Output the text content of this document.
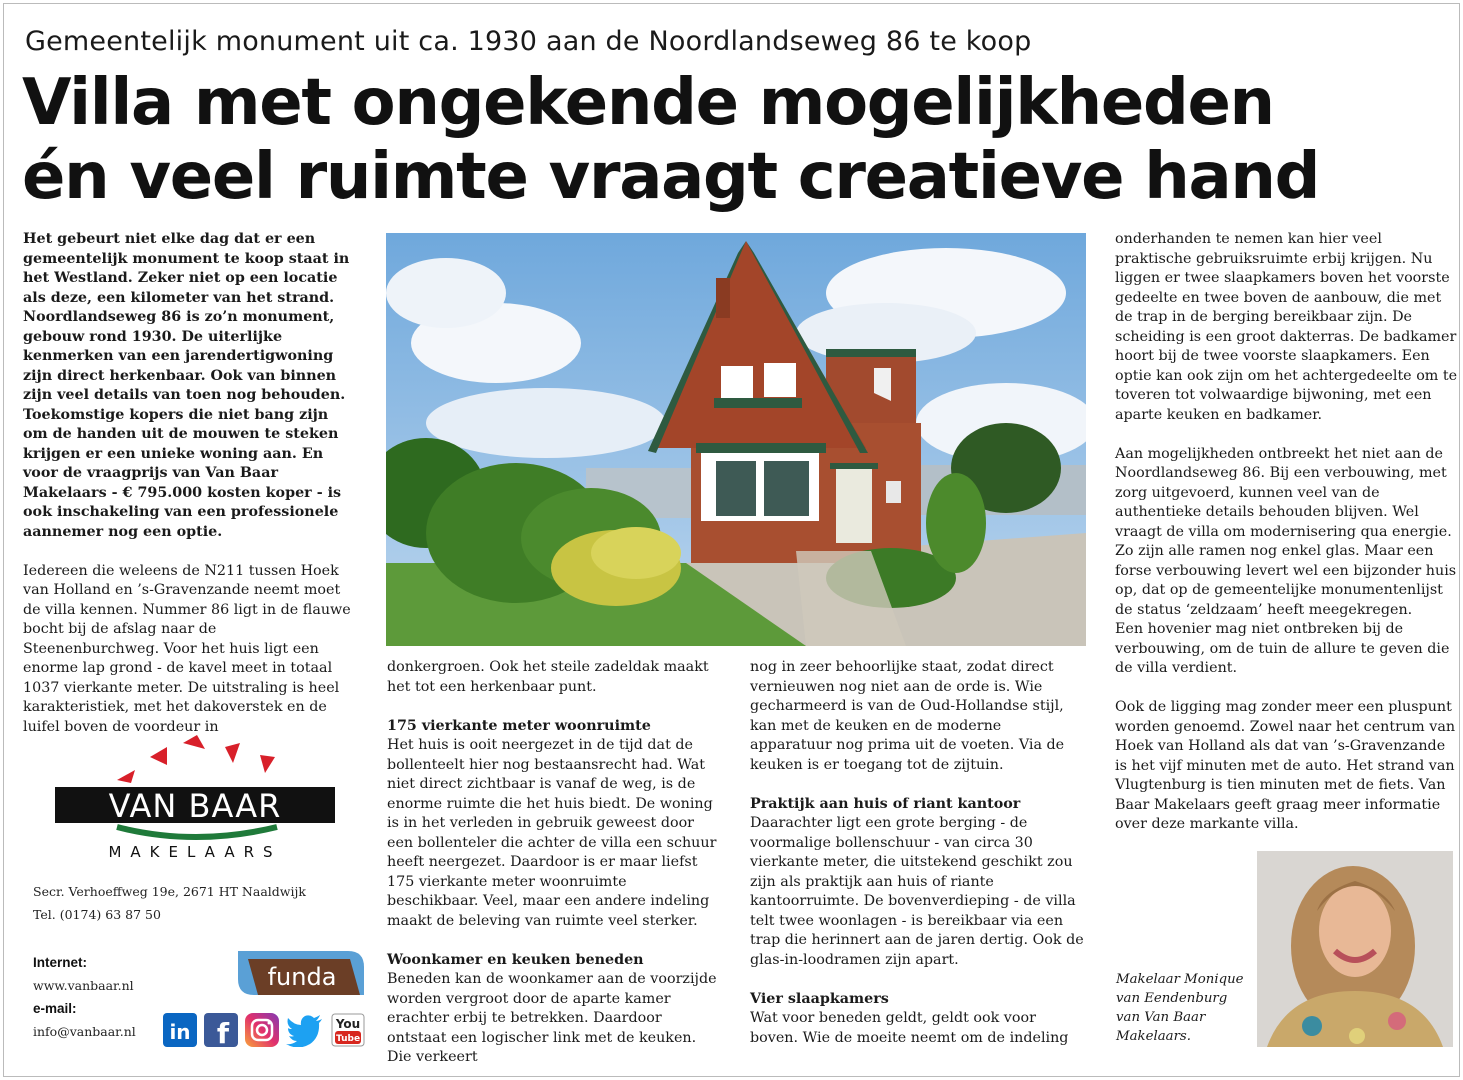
Gemeentelijk monument uit ca. 1930 aan de Noordlandseweg 86 te koop
Villa met ongekende mogelijkheden
én veel ruimte vraagt creatieve hand

Het gebeurt niet elke dag dat er een gemeentelijk monument te koop staat in het Westland. Zeker niet op een locatie als deze, een kilometer van het strand. Noordlandseweg 86 is zo’n monument, gebouw rond 1930. De uiterlijke kenmerken van een jarendertigwoning zijn direct herkenbaar. Ook van binnen zijn veel details van toen nog behouden. Toekomstige kopers die niet bang zijn om de handen uit de mouwen te steken krijgen er een unieke woning aan. En voor de vraagprijs van Van Baar Makelaars - € 795.000 kosten koper - is ook inschakeling van een professionele aannemer nog een optie.

Iedereen die weleens de N211 tussen Hoek van Holland en ’s-Gravenzande neemt moet de villa kennen. Nummer 86 ligt in de flauwe bocht bij de afslag naar de Steenenburchweg. Voor het huis ligt een enorme lap grond - de kavel meet in totaal 1037 vierkante meter. De uitstraling is heel karakteristiek, met het dakoverstek en de luifel boven de voordeur in

donkergroen. Ook het steile zadeldak maakt het tot een herkenbaar punt.

175 vierkante meter woonruimte

Het huis is ooit neergezet in de tijd dat de bollenteelt hier nog bestaansrecht had. Wat niet direct zichtbaar is vanaf de weg, is de enorme ruimte die het huis biedt. De woning is in het verleden in gebruik geweest door een bollenteler die achter de villa een schuur heeft neergezet. Daardoor is er maar liefst 175 vierkante meter woonruimte beschikbaar. Veel, maar een andere indeling maakt de beleving van ruimte veel sterker.

Woonkamer en keuken beneden

Beneden kan de woonkamer aan de voorzijde worden vergroot door de aparte kamer erachter erbij te betrekken. Daardoor ontstaat een logischer link met de keuken. Die verkeert

nog in zeer behoorlijke staat, zodat direct vernieuwen nog niet aan de orde is. Wie gecharmeerd is van de Oud-Hollandse stijl, kan met de keuken en de moderne apparatuur nog prima uit de voeten. Via de keuken is er toegang tot de zijtuin.

Praktijk aan huis of riant kantoor

Daarachter ligt een grote berging - de voormalige bollenschuur - van circa 30 vierkante meter, die uitstekend geschikt zou zijn als praktijk aan huis of riante kantoorruimte. De bovenverdieping - de villa telt twee woonlagen - is bereikbaar via een trap die herinnert aan de jaren dertig. Ook de glas-in-loodramen zijn apart.

Vier slaapkamers

Wat voor beneden geldt, geldt ook voor boven. Wie de moeite neemt om de indeling

onderhanden te nemen kan hier veel praktische gebruiksruimte erbij krijgen. Nu liggen er twee slaapkamers boven het voorste gedeelte en twee boven de aanbouw, die met de trap in de berging bereikbaar zijn. De scheiding is een groot dakterras. De badkamer hoort bij de twee voorste slaapkamers. Een optie kan ook zijn om het achtergedeelte om te toveren tot volwaardige bijwoning, met een aparte keuken en badkamer.

Aan mogelijkheden ontbreekt het niet aan de Noordlandseweg 86. Bij een verbouwing, met zorg uitgevoerd, kunnen veel van de authentieke details behouden blijven. Wel vraagt de villa om modernisering qua energie. Zo zijn alle ramen nog enkel glas. Maar een forse verbouwing levert wel een bijzonder huis op, dat op de gemeentelijke monumentenlijst de status ‘zeldzaam’ heeft meegekregen.

Een hovenier mag niet ontbreken bij de verbouwing, om de tuin de allure te geven die de villa verdient.

Ook de ligging mag zonder meer een pluspunt worden genoemd. Zowel naar het centrum van Hoek van Holland als dat van ’s-Gravenzande is het vijf minuten met de auto. Het strand van Vlugtenburg is tien minuten met de fiets. Van Baar Makelaars geeft graag meer informatie over deze markante villa.

VAN BAAR
MAKELAARS
Secr. Verhoeffweg 19e, 2671 HT Naaldwijk
Tel. (0174) 63 87 50
Internet:
www.vanbaar.nl
e-mail:
info@vanbaar.nl
funda
in f	You
Tube
Makelaar Monique van Eendenburg van Van Baar Makelaars.
